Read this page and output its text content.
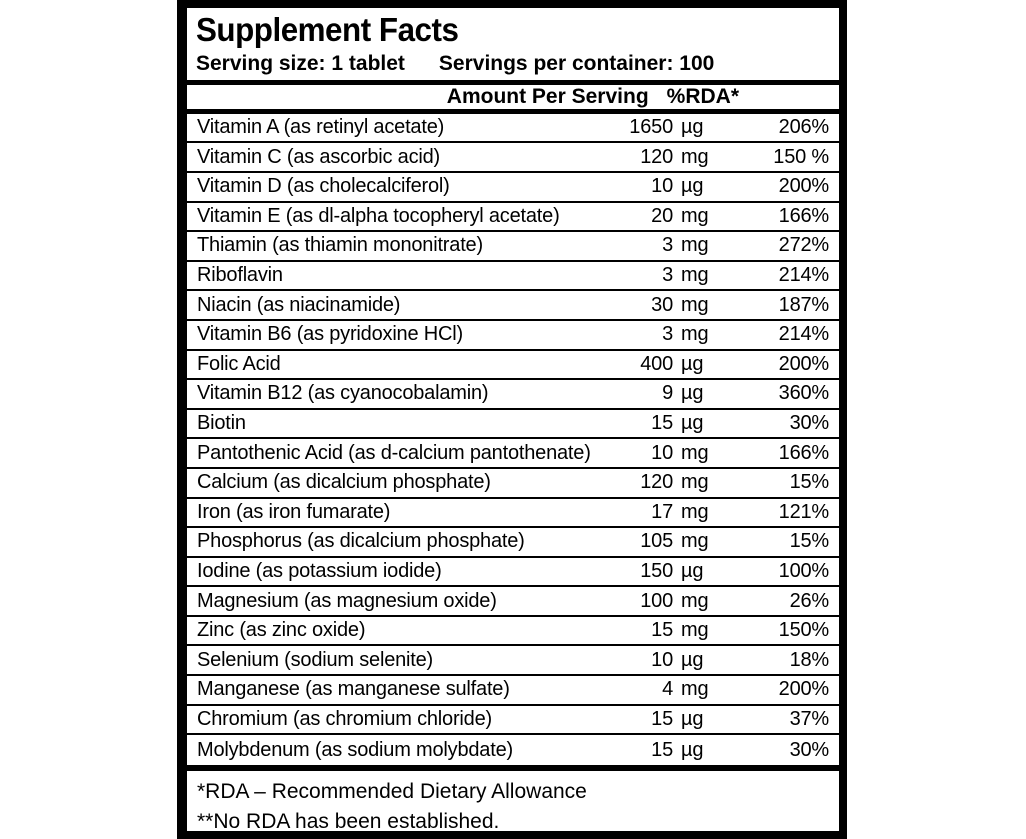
Supplement Facts
Serving size: 1 tablet Servings per container: 100
Amount Per Serving %RDA*
Vitamin A (as retinyl acetate)	1650 µg	206%
Vitamin C (as ascorbic acid)	120 mg	150 %
Vitamin D (as cholecalciferol)	10 µg	200%
Vitamin E (as dl-alpha tocopheryl acetate)	20 mg	166%
Thiamin (as thiamin mononitrate)	3 mg	272%
Riboflavin	3 mg	214%
Niacin (as niacinamide)	30 mg	187%
Vitamin B6 (as pyridoxine HCl)	3 mg	214%
Folic Acid	400 µg	200%
Vitamin B12 (as cyanocobalamin)	9 µg	360%
Biotin	15 µg	30%
Pantothenic Acid (as d-calcium pantothenate)	10 mg	166%
Calcium (as dicalcium phosphate)	120 mg	15%
Iron (as iron fumarate)	17 mg	121%
Phosphorus (as dicalcium phosphate)	105 mg	15%
Iodine (as potassium iodide)	150 µg	100%
Magnesium (as magnesium oxide)	100 mg	26%
Zinc (as zinc oxide)	15 mg	150%
Selenium (sodium selenite)	10 µg	18%
Manganese (as manganese sulfate)	4 mg	200%
Chromium (as chromium chloride)	15 µg	37%
Molybdenum (as sodium molybdate)	15 µg	30%
*RDA – Recommended Dietary Allowance
**No RDA has been established.
